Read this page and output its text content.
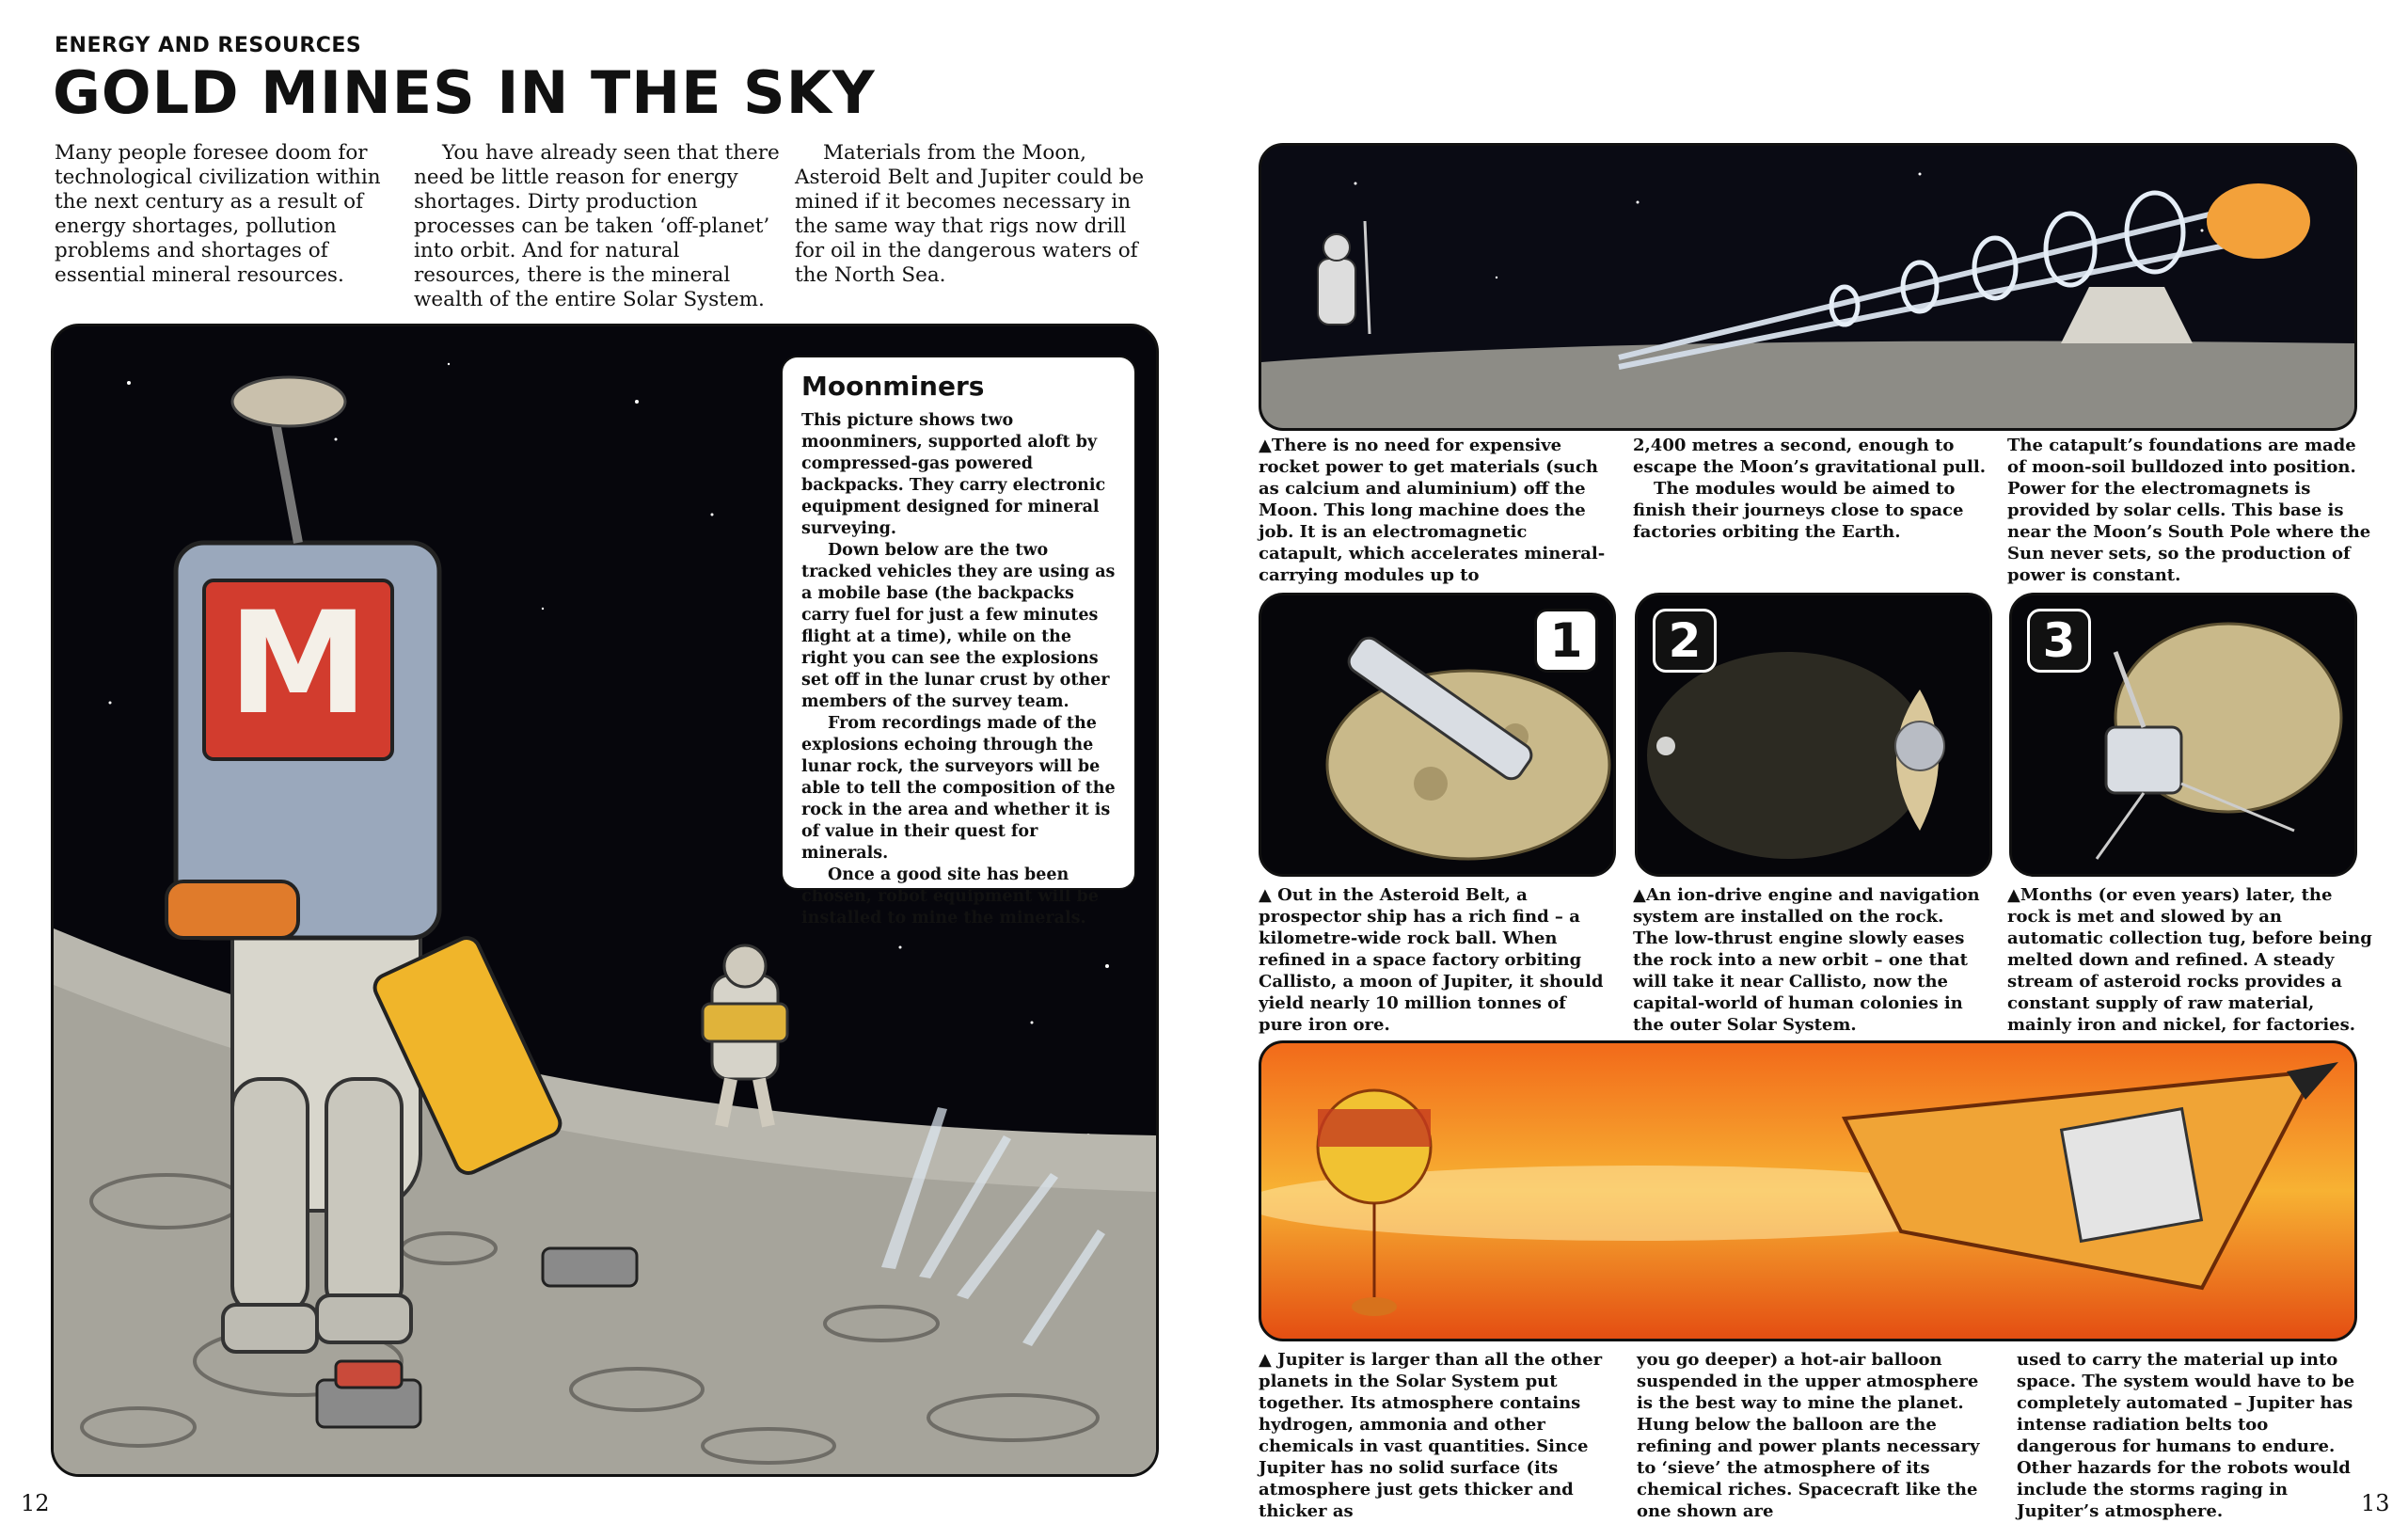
ENERGY AND RESOURCES
GOLD MINES IN THE SKY
Many people foresee doom for technological civilization within the next century as a result of energy shortages, pollution problems and shortages of essential mineral resources.
You have already seen that there need be little reason for energy shortages. Dirty production processes can be taken ‘off-planet’ into orbit. And for natural resources, there is the mineral wealth of the entire Solar System.
Materials from the Moon, Asteroid Belt and Jupiter could be mined if it becomes necessary in the same way that rigs now drill for oil in the dangerous waters of the North Sea.
M
Moonminers

This picture shows two moonminers, supported aloft by compressed-gas powered backpacks. They carry electronic equipment designed for mineral surveying.

Down below are the two tracked vehicles they are using as a mobile base (the backpacks carry fuel for just a few minutes flight at a time), while on the right you can see the explosions set off in the lunar crust by other members of the survey team.

From recordings made of the explosions echoing through the lunar rock, the surveyors will be able to tell the composition of the rock in the area and whether it is of value in their quest for minerals.

Once a good site has been chosen, robot equipment will be installed to mine the minerals.

12
▲There is no need for expensive rocket power to get materials (such as calcium and aluminium) off the Moon. This long machine does the job. It is an electromagnetic catapult, which accelerates mineral-carrying modules up to

2,400 metres a second, enough to escape the Moon’s gravitational pull.

The modules would be aimed to finish their journeys close to space factories orbiting the Earth.

The catapult’s foundations are made of moon-soil bulldozed into position. Power for the electromagnets is provided by solar cells. This base is near the Moon’s South Pole where the Sun never sets, so the production of power is constant.
1	2	3
▲ Out in the Asteroid Belt, a prospector ship has a rich find – a kilometre-wide rock ball. When refined in a space factory orbiting Callisto, a moon of Jupiter, it should yield nearly 10 million tonnes of pure iron ore.

▲An ion-drive engine and navigation system are installed on the rock.

The low-thrust engine slowly eases the rock into a new orbit – one that will take it near Callisto, now the capital-world of human colonies in the outer Solar System.

▲Months (or even years) later, the rock is met and slowed by an automatic collection tug, before being melted down and refined. A steady stream of asteroid rocks provides a constant supply of raw material, mainly iron and nickel, for factories.
▲ Jupiter is larger than all the other planets in the Solar System put together. Its atmosphere contains hydrogen, ammonia and other chemicals in vast quantities. Since Jupiter has no solid surface (its atmosphere just gets thicker and thicker as
you go deeper) a hot-air balloon suspended in the upper atmosphere is the best way to mine the planet. Hung below the balloon are the refining and power plants necessary to ‘sieve’ the atmosphere of its chemical riches. Spacecraft like the one shown are
used to carry the material up into space. The system would have to be completely automated – Jupiter has intense radiation belts too dangerous for humans to endure. Other hazards for the robots would include the storms raging in Jupiter’s atmosphere.	13
